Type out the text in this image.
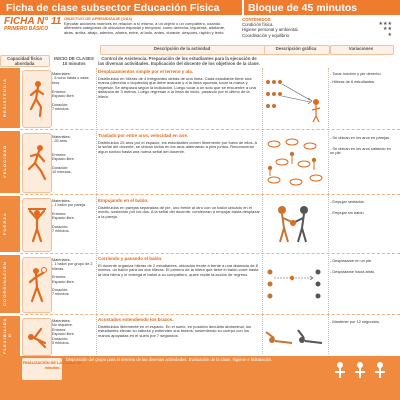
Ficha de clase subsector Educación Física	Bloque de 45 minutos
FICHA N° 11
PRIMERO BÁSICO
OBJETIVO DE APRENDIZAJE (OA3)
Ejecutar acciones motrices en relación a sí mismo, a un objeto o un compañero, usando diferentes categorías de ubicación espacial y temporal, como derecha, izquierda, adelante, atrás, arriba, abajo, adentro, afuera, entre, al lado, antes, durante, después, rápido y lento.
CONTENIDOS
Condición física.	★★★
Higiene personal y ambiental.	★★
Coordinación y equilibrio.	★
Capacidad física abordada
INICIO DE CLASES 10 minutos
Control de Asistencia. Preparación de los estudiantes para la ejecución de las diversas actividades. Explicación del docente de los objetivos de la clase.
Descripción de la actividad	Descripción gráfica	Variaciones
R E S I S T E N C I A
Materiales:
- 5 cono hasta o cada tiros.

Entorno:
Espacio libre.

Duración:
7 minutos.
Desplazamientos simple por el terreno y ala.
Distribuidos en hileras de 4 integrantes detrás de una línea. Cada estudiante tiene una marca (derecha o izquierda) que debe avanzar y a la línea opuesta, tocar la marca y regresar. Se desplaza según la indicación. Luego tocar a un solo que se encuentre a una distancia de 3 metros. Luego regresan a la línea de inicio, pasando por el último de la hilera.
- Tocar hombro y pie derecho.
- Hileras de 6 estudiantes.
V E L O C I D A D
Materiales:
- 25 aros.
Entorno:
Espacio libre.
Duración:
10 minutos.
Traslado por entre aros, velocidad en aire.
Distribuidos 25 aros por el espacio, los estudiantes corren libremente por fuera de ellos. A la señal del docente, se ubican todos en los aros alternando a pies juntos. Reconocerán algún sonido hasta una nueva señal del docente.
- Se ubican en los aros en parejas.
- Se ubican en los aros saltando en un pie.
F U E R Z A
Materiales:
- 1 balón por pareja.
Entorno:
Espacio libre.
Duración:
7 minutos.
Empujando en el balón.
Distribuidos en parejas separadas de pie, uno frente al otro con un balón ubicado en el medio, sostenido por los dos. A la señal del docente, comienzan a empujar hasta desplazar a la pareja.
- Empujar sentados.
- Empujar sin balón.
C O O R D I N A C I Ó N
Materiales:
- 1 balón por grupo de 2 hileras.
Entorno:
Espacio libre.
Duración:
7 minutos.
Corriendo y pasando el balón.
El docente organiza hileras de 2 estudiantes, ubicados frente a frente a una distancia de 8 metros, un balón para los dos hileras. El primero de la hilera que tiene el balón corre hasta la otra hilera y le entrega el balón a su compañero, quien repite la acción de regreso.
- Desplazarse en un pie.
- Desplazarse hacia atrás.
F L E X I B I L I D A D
Materiales:
No requiere.
Entorno:
Espacio libre.
Duración:
5 minutos.
Acostados extendiendo los brazos.
Distribuidos libremente en el espacio. En el suelo, en posición decúbito abdominal, los estudiantes elevan su cabeza y extienden sus brazos, sosteniendo su cuerpo con los manos apoyadas en el suelo por 7 segundos.
- Mantener por 12 segundos.
FINALIZACIÓN DE LA CLASE 10 minutos
Disposición del grupo para el término de las diversas actividades. Evaluación de la clase, higiene e hidratación.
